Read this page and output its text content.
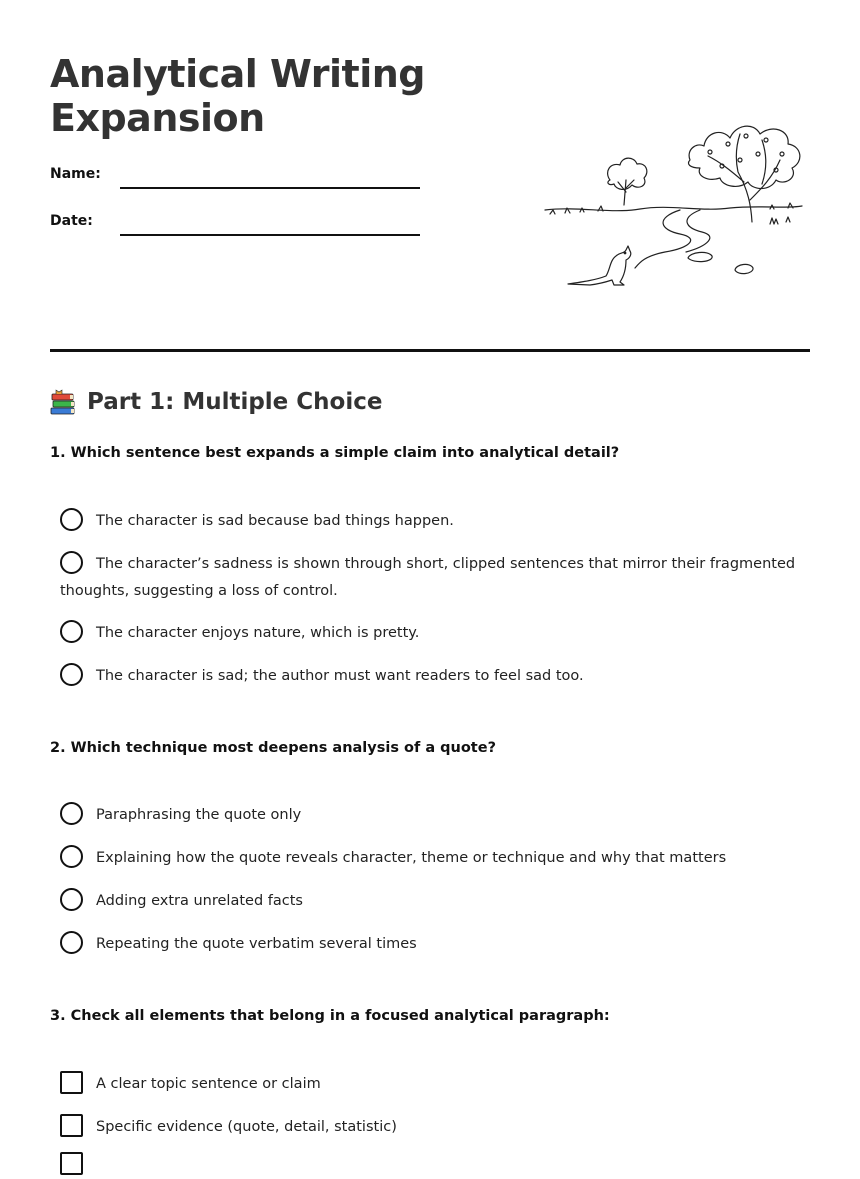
Analytical Writing Expansion
Name:
Date:
Part 1: Multiple Choice

1. Which sentence best expands a simple claim into analytical detail?

The character is sad because bad things happen.
The character’s sadness is shown through short, clipped sentences that mirror their fragmented thoughts, suggesting a loss of control.
The character enjoys nature, which is pretty.
The character is sad; the author must want readers to feel sad too.

2. Which technique most deepens analysis of a quote?

Paraphrasing the quote only
Explaining how the quote reveals character, theme or technique and why that matters
Adding extra unrelated facts
Repeating the quote verbatim several times

3. Check all elements that belong in a focused analytical paragraph:

A clear topic sentence or claim
Specific evidence (quote, detail, statistic)
